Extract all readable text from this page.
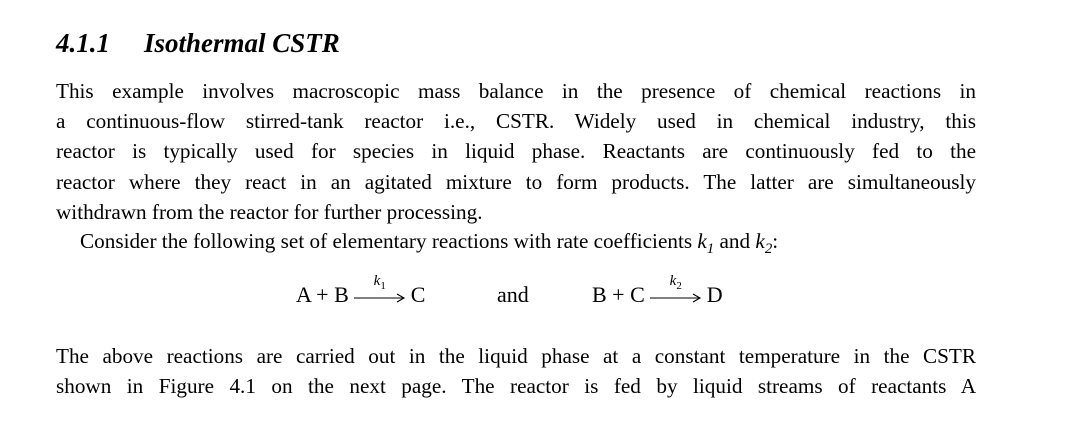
4.1.1 Isothermal CSTR
This example involves macroscopic mass balance in the presence of chemical reactions in
a continuous-flow stirred-tank reactor i.e., CSTR. Widely used in chemical industry, this
reactor is typically used for species in liquid phase. Reactants are continuously fed to the
reactor where they react in an agitated mixture to form products. The latter are simultaneously
withdrawn from the reactor for further processing.
Consider the following set of elementary reactions with rate coefficients $k_1$ and $k_2$:
A + B
$k_1$	C	and	B + C
$k_2$	D
The above reactions are carried out in the liquid phase at a constant temperature in the CSTR
shown in Figure 4.1 on the next page. The reactor is fed by liquid streams of reactants A
